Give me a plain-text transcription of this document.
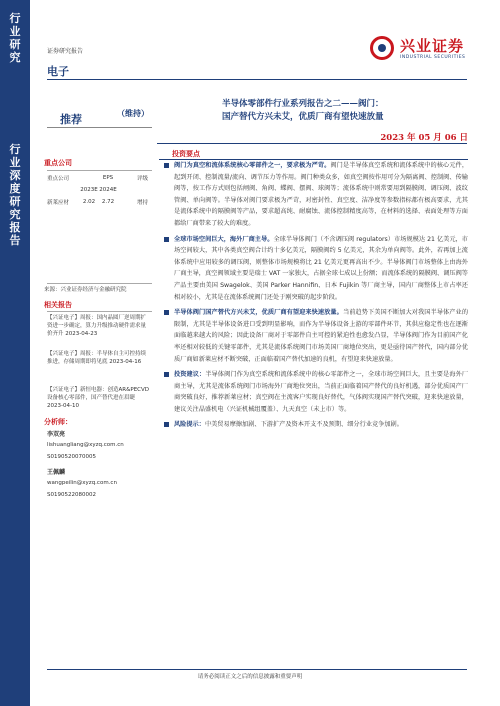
行业研究
行业深度研究报告
证券研究报告
电子
兴业证券
INDUSTRIAL SECURITIES
推荐	（维持）
半导体零部件行业系列报告之二——阀门：
国产替代方兴未艾，优质厂商有望快速放量
2023 年 05 月 06 日
重点公司
重点公司	EPS	评级
2023E 2024E
新莱应材	2.02	2.72	增持
来源：兴业证券经济与金融研究院
相关报告
【兴证电子】周报：国内晶圆厂逆周期扩资进一步确定，算力升级推动硬件需求量价齐升 2023-04-23
【兴证电子】周报：半导体自主可控持续推进，存储周期即将见底 2023-04-16
【兴证电子】新恒电器：创造AR&PECVD 设备核心零部件，国产替代进在眉睫 2023-04-10
分析师：
李双亮
lishuangliang@xyzq.com.cn
S0190520070005
王佩麟
wangpeilin@xyzq.com.cn
S0190522080002
投资要点
阀门为真空和流体系统核心零部件之一，要求极为严苛。阀门是半导体真空系统和流体系统中的核心元件，起到开闭、控制流量/流向、调节压力等作用。阀门种类众多，如真空阀按作用可分为隔离阀、控制阀、传输阀等，按工作方式则包括闸阀、角阀、蝶阀、摆阀、球阀等；流体系统中则常要用到隔膜阀、调压阀、波纹管阀、单向阀等。半导体对阀门要求极为严苛，对密封性、真空度、洁净度等参数指标都有极高要求，尤其是流体系统中的隔膜阀等产品，要求超高纯、耐腐蚀、流体控制精度高等，在材料的选择、表面处理等方面都给厂商带来了较大的难度。
全球市场空间巨大，海外厂商主导。全球半导体阀门（不含调压阀 regulators）市场规模达 21 亿美元，市场空间较大，其中各类真空阀合计约十多亿美元，隔膜阀约 5 亿美元，其余为单向阀等。此外，若再加上流体系统中应用较多的调压阀，则整体市场规模将比 21 亿美元更再高出不少。半导体阀门市场整体上由海外厂商主导，真空阀领域主要是瑞士 VAT 一家独大，占据全球七成以上份额；而流体系统的隔膜阀、调压阀等产品主要由美国 Swagelok、美国 Parker Hannifin、日本 Fujikin 等厂商主导，国内厂商整体上市占率还相对较小，尤其是在流体系统阀门还处于刚突破的起步阶段。
半导体阀门国产替代方兴未艾，优质厂商有望迎来快速放量。当前趋势下美国不断加大对我国半导体产业的限制，尤其是半导体设备进口受到明显影响，而作为半导体设备上游的零部件环节，其供应稳定性也在逐渐面临越来越大的风险；因此设备厂商对于零部件自主可控的紧迫性也愈发凸显，半导体阀门作为目前国产化率还相对较低的关键零部件，尤其是流体系统阀门市场美国厂商地位突出，更是亟待国产替代，国内部分优质厂商如新莱应材不断突破，正面临着国产替代加速的良机，有望迎来快速放量。
投资建议：半导体阀门作为真空系统和流体系统中的核心零部件之一，全球市场空间巨大，且主要是海外厂商主导，尤其是流体系统阀门市场海外厂商地位突出，当前正面临着国产替代的良好机遇，部分优质国产厂商突破良好，推荐新莱应材；真空阀在主流客户实现良好替代，气体阀实现国产替代突破，迎来快速放量，建议关注晶盛机电（兴证机械组覆盖）、九天真空（未上市）等。
风险提示：中美贸易摩擦加剧、下游扩产及资本开支不及预期、细分行业竞争加剧。
请务必阅读正文之后的信息披露和重要声明
